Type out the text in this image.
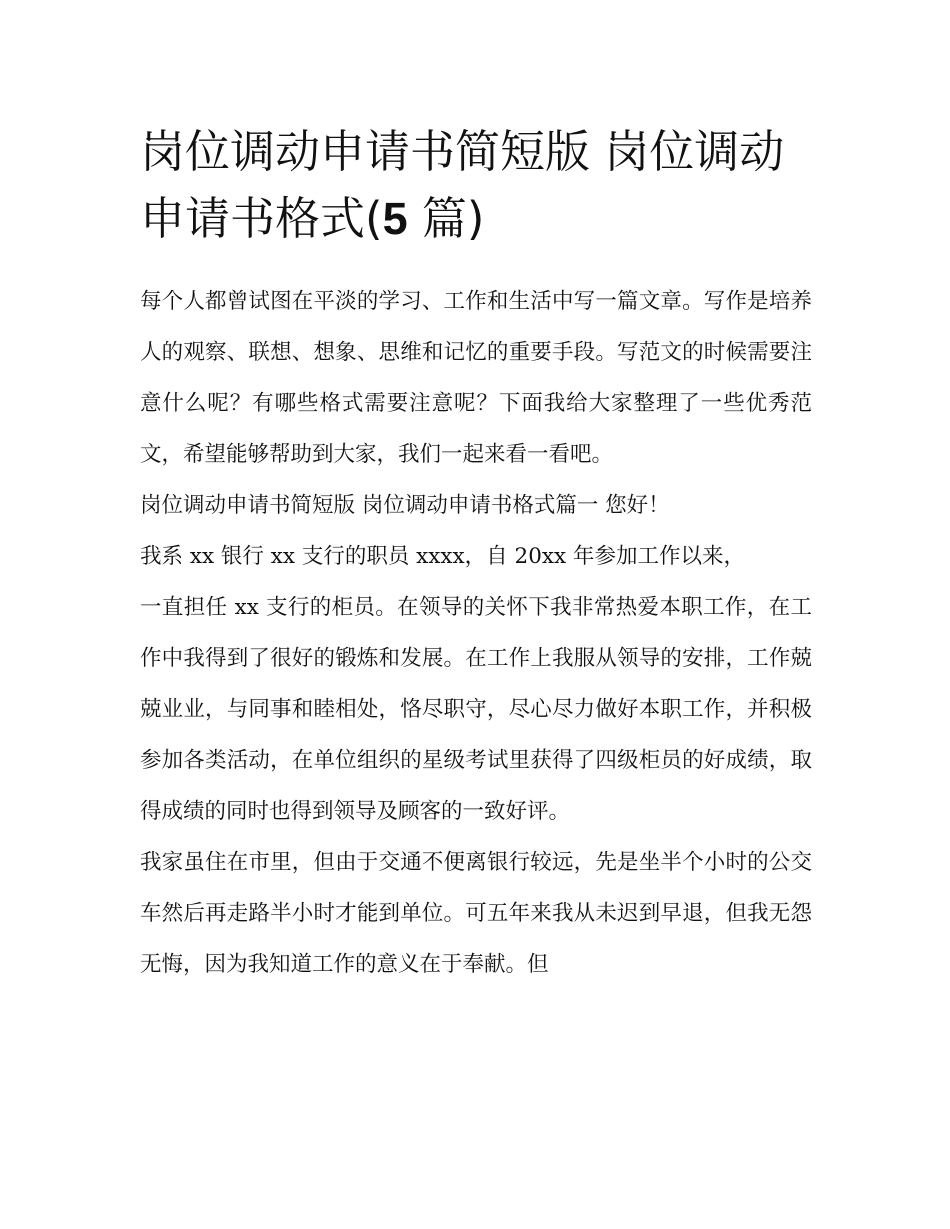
岗位调动申请书简短版 岗位调动申请书格式(5 篇)

每个人都曾试图在平淡的学习、工作和生活中写一篇文章。写作是培养人的观察、联想、想象、思维和记忆的重要手段。写范文的时候需要注意什么呢？有哪些格式需要注意呢？下面我给大家整理了一些优秀范文，希望能够帮助到大家，我们一起来看一看吧。

岗位调动申请书简短版 岗位调动申请书格式篇一 您好！

我系 xx 银行 xx 支行的职员 xxxx，自 20xx 年参加工作以来，

一直担任 xx 支行的柜员。在领导的关怀下我非常热爱本职工作，在工作中我得到了很好的锻炼和发展。在工作上我服从领导的安排，工作兢兢业业，与同事和睦相处，恪尽职守，尽心尽力做好本职工作，并积极参加各类活动，在单位组织的星级考试里获得了四级柜员的好成绩，取得成绩的同时也得到领导及顾客的一致好评。

我家虽住在市里，但由于交通不便离银行较远，先是坐半个小时的公交车然后再走路半小时才能到单位。可五年来我从未迟到早退，但我无怨无悔，因为我知道工作的意义在于奉献。但
